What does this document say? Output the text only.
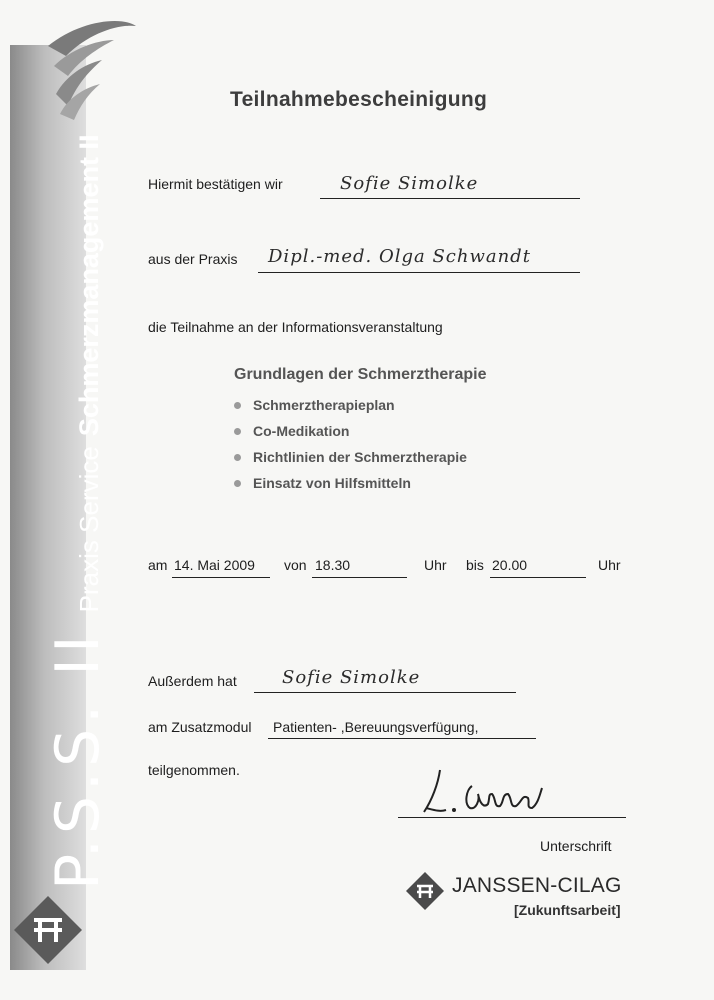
P.S.S. II
Praxis Service
Schmerzmanagement II
Teilnahmebescheinigung
Hiermit bestätigen wir	Sofie Simolke
aus der Praxis Dipl.-med. Olga Schwandt
die Teilnahme an der Informationsveranstaltung
Grundlagen der Schmerztherapie
Schmerztherapieplan
Co-Medikation
Richtlinien der Schmerztherapie
Einsatz von Hilfsmitteln
am 14. Mai 2009 von 18.30	Uhr bis 20.00	Uhr
Außerdem hat	Sofie Simolke
am Zusatzmodul Patienten- ,Bereuungsverfügung,
teilgenommen.
Unterschrift
JANSSEN-CILAG
[Zukunftsarbeit]
